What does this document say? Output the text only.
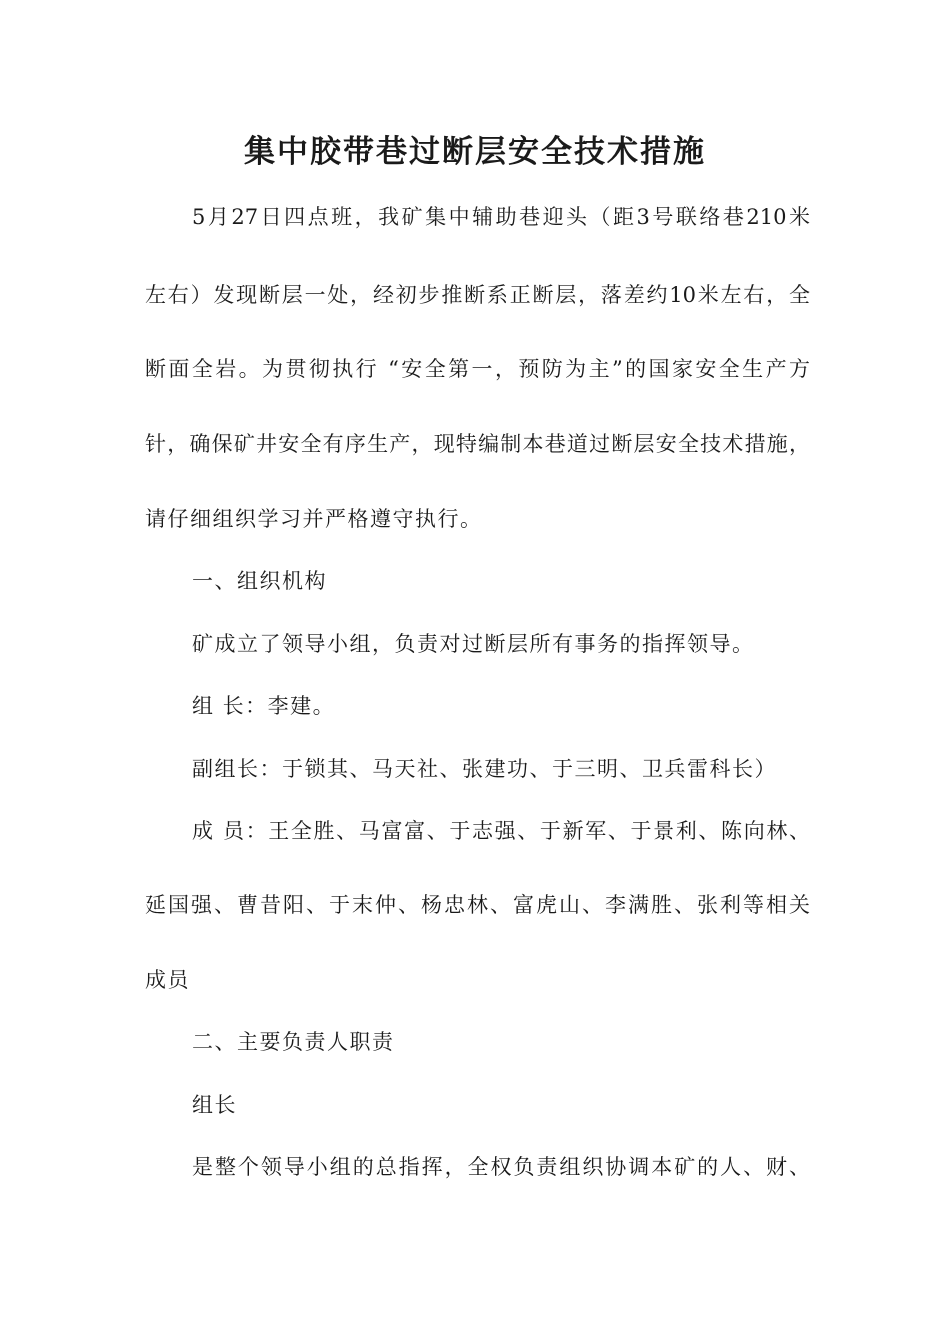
集中胶带巷过断层安全技术措施

5月27日四点班，我矿集中辅助巷迎头（距3号联络巷210米

左右）发现断层一处，经初步推断系正断层，落差约10米左右，全

断面全岩。为贯彻执行 “安全第一，预防为主”的国家安全生产方

针，确保矿井安全有序生产，现特编制本巷道过断层安全技术措施，

请仔细组织学习并严格遵守执行。

一、组织机构

矿成立了领导小组，负责对过断层所有事务的指挥领导。

组 长：李建。

副组长：于锁其、马天社、张建功、于三明、卫兵雷科长）

成 员：王全胜、马富富、于志强、于新军、于景利、陈向林、

延国强、曹昔阳、于末仲、杨忠林、富虎山、李满胜、张利等相关

成员

二、主要负责人职责

组长

是整个领导小组的总指挥，全权负责组织协调本矿的人、财、
